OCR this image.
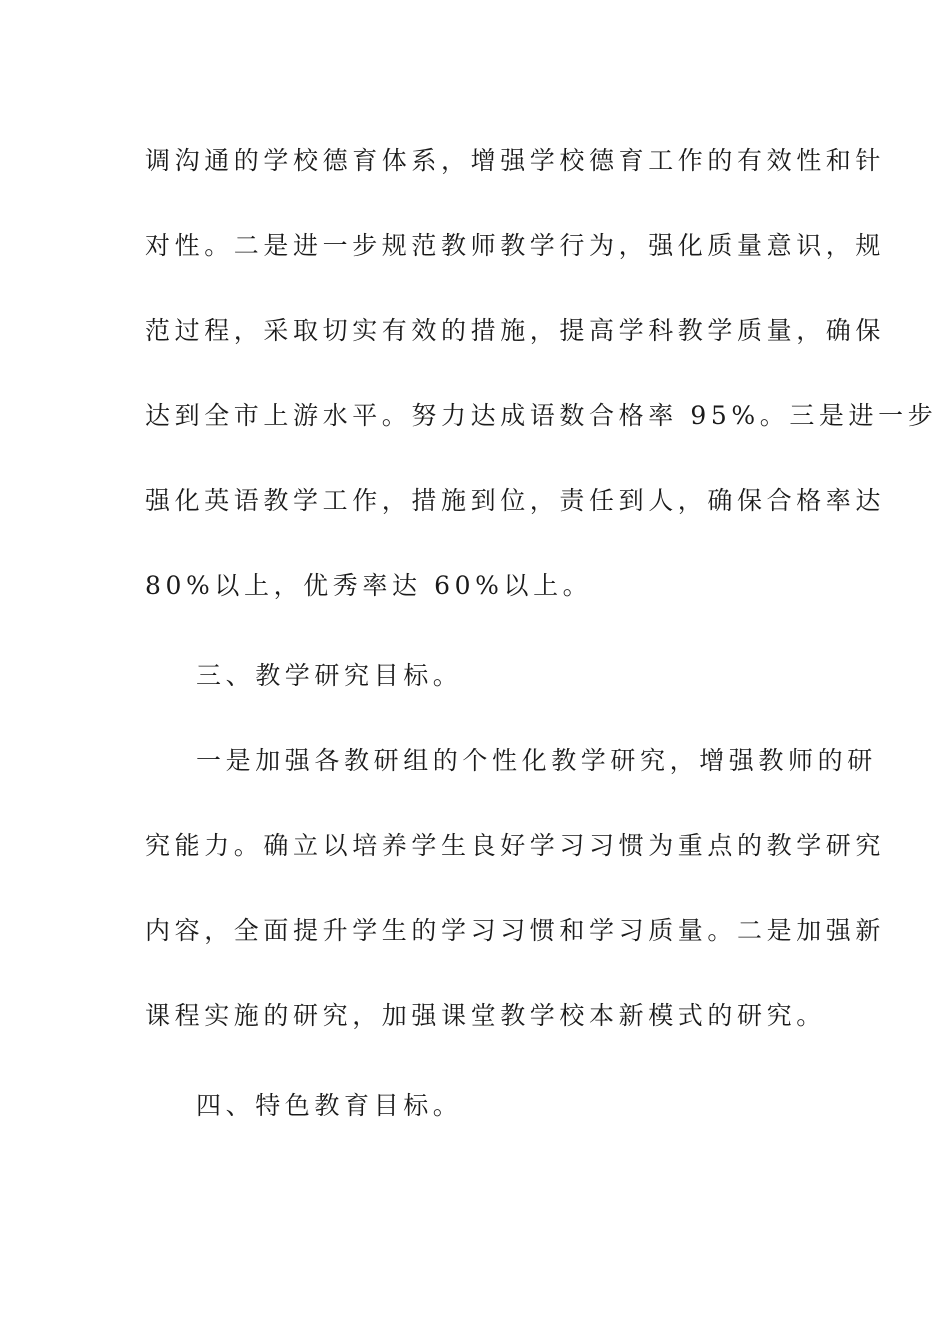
调沟通的学校德育体系，增强学校德育工作的有效性和针
对性。二是进一步规范教师教学行为，强化质量意识，规
范过程，采取切实有效的措施，提高学科教学质量，确保
达到全市上游水平。努力达成语数合格率 95%。三是进一步
强化英语教学工作，措施到位，责任到人，确保合格率达
80%以上，优秀率达 60%以上。
三、教学研究目标。
一是加强各教研组的个性化教学研究，增强教师的研
究能力。确立以培养学生良好学习习惯为重点的教学研究
内容，全面提升学生的学习习惯和学习质量。二是加强新
课程实施的研究，加强课堂教学校本新模式的研究。
四、特色教育目标。
